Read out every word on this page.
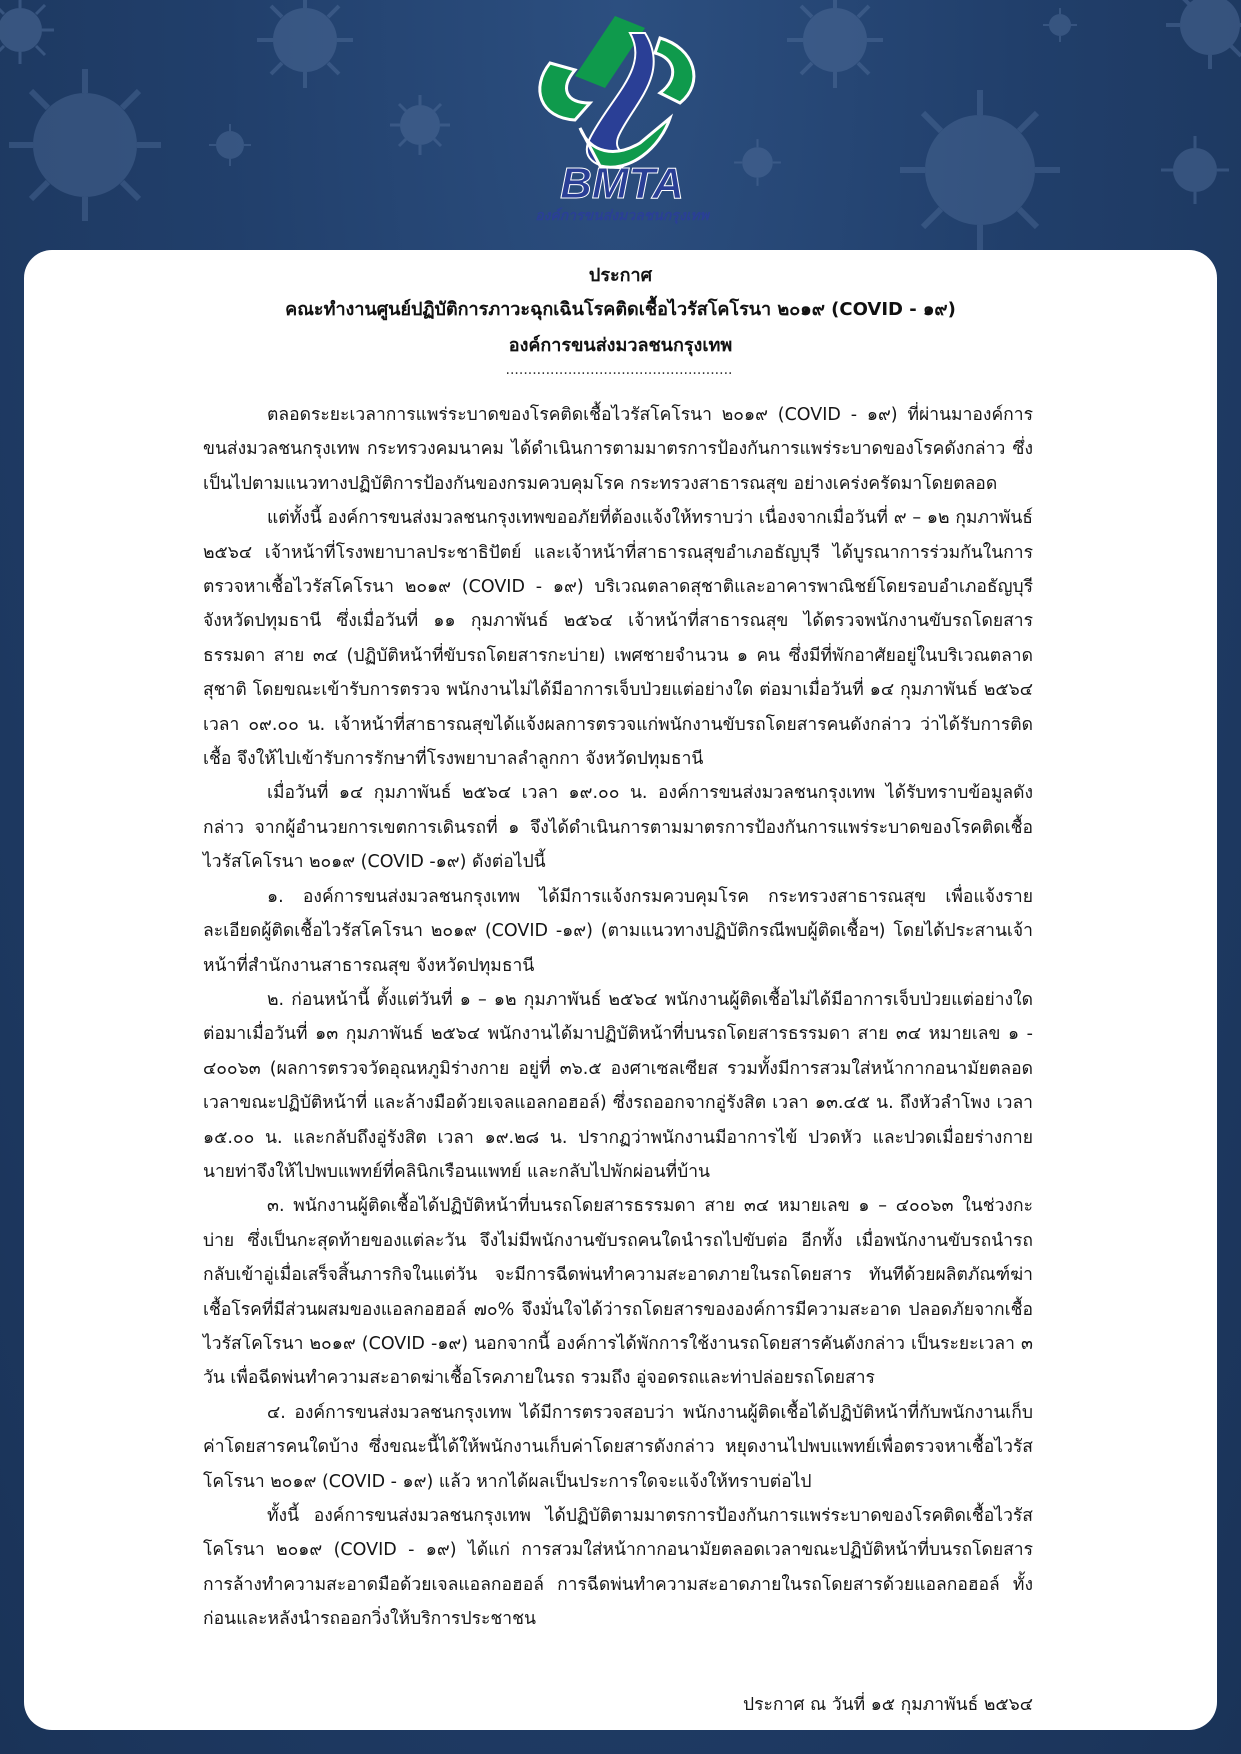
BMTA
องค์การขนส่งมวลชนกรุงเทพ
ประกาศ
คณะทำงานศูนย์ปฏิบัติการภาวะฉุกเฉินโรคติดเชื้อไวรัสโคโรนา ๒๐๑๙ (COVID - ๑๙)
องค์การขนส่งมวลชนกรุงเทพ
...................................................

ตลอดระยะเวลาการแพร่ระบาดของโรคติดเชื้อไวรัสโคโรนา ๒๐๑๙ (COVID - ๑๙) ที่ผ่านมาองค์การขนส่งมวลชนกรุงเทพ กระทรวงคมนาคม ได้ดำเนินการตามมาตรการป้องกันการแพร่ระบาดของโรคดังกล่าว ซึ่งเป็นไปตามแนวทางปฏิบัติการป้องกันของกรมควบคุมโรค กระทรวงสาธารณสุข อย่างเคร่งครัดมาโดยตลอด

แต่ทั้งนี้ องค์การขนส่งมวลชนกรุงเทพขออภัยที่ต้องแจ้งให้ทราบว่า เนื่องจากเมื่อวันที่ ๙ – ๑๒ กุมภาพันธ์ ๒๕๖๔ เจ้าหน้าที่โรงพยาบาลประชาธิปัตย์ และเจ้าหน้าที่สาธารณสุขอำเภอธัญบุรี ได้บูรณาการร่วมกันในการตรวจหาเชื้อไวรัสโคโรนา ๒๐๑๙ (COVID - ๑๙) บริเวณตลาดสุชาติและอาคารพาณิชย์โดยรอบอำเภอธัญบุรี จังหวัดปทุมธานี ซึ่งเมื่อวันที่ ๑๑ กุมภาพันธ์ ๒๕๖๔ เจ้าหน้าที่สาธารณสุข ได้ตรวจพนักงานขับรถโดยสารธรรมดา สาย ๓๔ (ปฏิบัติหน้าที่ขับรถโดยสารกะบ่าย) เพศชายจำนวน ๑ คน ซึ่งมีที่พักอาศัยอยู่ในบริเวณตลาดสุชาติ โดยขณะเข้ารับการตรวจ พนักงานไม่ได้มีอาการเจ็บป่วยแต่อย่างใด ต่อมาเมื่อวันที่ ๑๔ กุมภาพันธ์ ๒๕๖๔ เวลา ๐๙.๐๐ น. เจ้าหน้าที่สาธารณสุขได้แจ้งผลการตรวจแก่พนักงานขับรถโดยสารคนดังกล่าว ว่าได้รับการติดเชื้อ จึงให้ไปเข้ารับการรักษาที่โรงพยาบาลลำลูกกา จังหวัดปทุมธานี

เมื่อวันที่ ๑๔ กุมภาพันธ์ ๒๕๖๔ เวลา ๑๙.๐๐ น. องค์การขนส่งมวลชนกรุงเทพ ได้รับทราบข้อมูลดังกล่าว จากผู้อำนวยการเขตการเดินรถที่ ๑ จึงได้ดำเนินการตามมาตรการป้องกันการแพร่ระบาดของโรคติดเชื้อไวรัสโคโรนา ๒๐๑๙ (COVID -๑๙) ดังต่อไปนี้

๑. องค์การขนส่งมวลชนกรุงเทพ ได้มีการแจ้งกรมควบคุมโรค กระทรวงสาธารณสุข เพื่อแจ้งรายละเอียดผู้ติดเชื้อไวรัสโคโรนา ๒๐๑๙ (COVID -๑๙) (ตามแนวทางปฏิบัติกรณีพบผู้ติดเชื้อฯ) โดยได้ประสานเจ้าหน้าที่สำนักงานสาธารณสุข จังหวัดปทุมธานี

๒. ก่อนหน้านี้ ตั้งแต่วันที่ ๑ – ๑๒ กุมภาพันธ์ ๒๕๖๔ พนักงานผู้ติดเชื้อไม่ได้มีอาการเจ็บป่วยแต่อย่างใด ต่อมาเมื่อวันที่ ๑๓ กุมภาพันธ์ ๒๕๖๔ พนักงานได้มาปฏิบัติหน้าที่บนรถโดยสารธรรมดา สาย ๓๔ หมายเลข ๑ - ๔๐๐๖๓ (ผลการตรวจวัดอุณหภูมิร่างกาย อยู่ที่ ๓๖.๕ องศาเซลเซียส รวมทั้งมีการสวมใส่หน้ากากอนามัยตลอดเวลาขณะปฏิบัติหน้าที่ และล้างมือด้วยเจลแอลกอฮอล์) ซึ่งรถออกจากอู่รังสิต เวลา ๑๓.๔๕ น. ถึงหัวลำโพง เวลา ๑๕.๐๐ น. และกลับถึงอู่รังสิต เวลา ๑๙.๒๘ น. ปรากฏว่าพนักงานมีอาการไข้ ปวดหัว และปวดเมื่อยร่างกาย นายท่าจึงให้ไปพบแพทย์ที่คลินิกเรือนแพทย์ และกลับไปพักผ่อนที่บ้าน

๓. พนักงานผู้ติดเชื้อได้ปฏิบัติหน้าที่บนรถโดยสารธรรมดา สาย ๓๔ หมายเลข ๑ – ๔๐๐๖๓ ในช่วงกะบ่าย ซึ่งเป็นกะสุดท้ายของแต่ละวัน จึงไม่มีพนักงานขับรถคนใดนำรถไปขับต่อ อีกทั้ง เมื่อพนักงานขับรถนำรถกลับเข้าอู่เมื่อเสร็จสิ้นภารกิจในแต่วัน จะมีการฉีดพ่นทำความสะอาดภายในรถโดยสาร ทันทีด้วยผลิตภัณฑ์ฆ่าเชื้อโรคที่มีส่วนผสมของแอลกอฮอล์ ๗๐% จึงมั่นใจได้ว่ารถโดยสารขององค์การมีความสะอาด ปลอดภัยจากเชื้อไวรัสโคโรนา ๒๐๑๙ (COVID -๑๙) นอกจากนี้ องค์การได้พักการใช้งานรถโดยสารคันดังกล่าว เป็นระยะเวลา ๓ วัน เพื่อฉีดพ่นทำความสะอาดฆ่าเชื้อโรคภายในรถ รวมถึง อู่จอดรถและท่าปล่อยรถโดยสาร

๔. องค์การขนส่งมวลชนกรุงเทพ ได้มีการตรวจสอบว่า พนักงานผู้ติดเชื้อได้ปฏิบัติหน้าที่กับพนักงานเก็บค่าโดยสารคนใดบ้าง ซึ่งขณะนี้ได้ให้พนักงานเก็บค่าโดยสารดังกล่าว หยุดงานไปพบแพทย์เพื่อตรวจหาเชื้อไวรัสโคโรนา ๒๐๑๙ (COVID - ๑๙) แล้ว หากได้ผลเป็นประการใดจะแจ้งให้ทราบต่อไป

ทั้งนี้ องค์การขนส่งมวลชนกรุงเทพ ได้ปฏิบัติตามมาตรการป้องกันการแพร่ระบาดของโรคติดเชื้อไวรัสโคโรนา ๒๐๑๙ (COVID - ๑๙) ได้แก่ การสวมใส่หน้ากากอนามัยตลอดเวลาขณะปฏิบัติหน้าที่บนรถโดยสาร การล้างทำความสะอาดมือด้วยเจลแอลกอฮอล์ การฉีดพ่นทำความสะอาดภายในรถโดยสารด้วยแอลกอฮอล์ ทั้งก่อนและหลังนำรถออกวิ่งให้บริการประชาชน

ประกาศ ณ วันที่ ๑๕ กุมภาพันธ์ ๒๕๖๔
